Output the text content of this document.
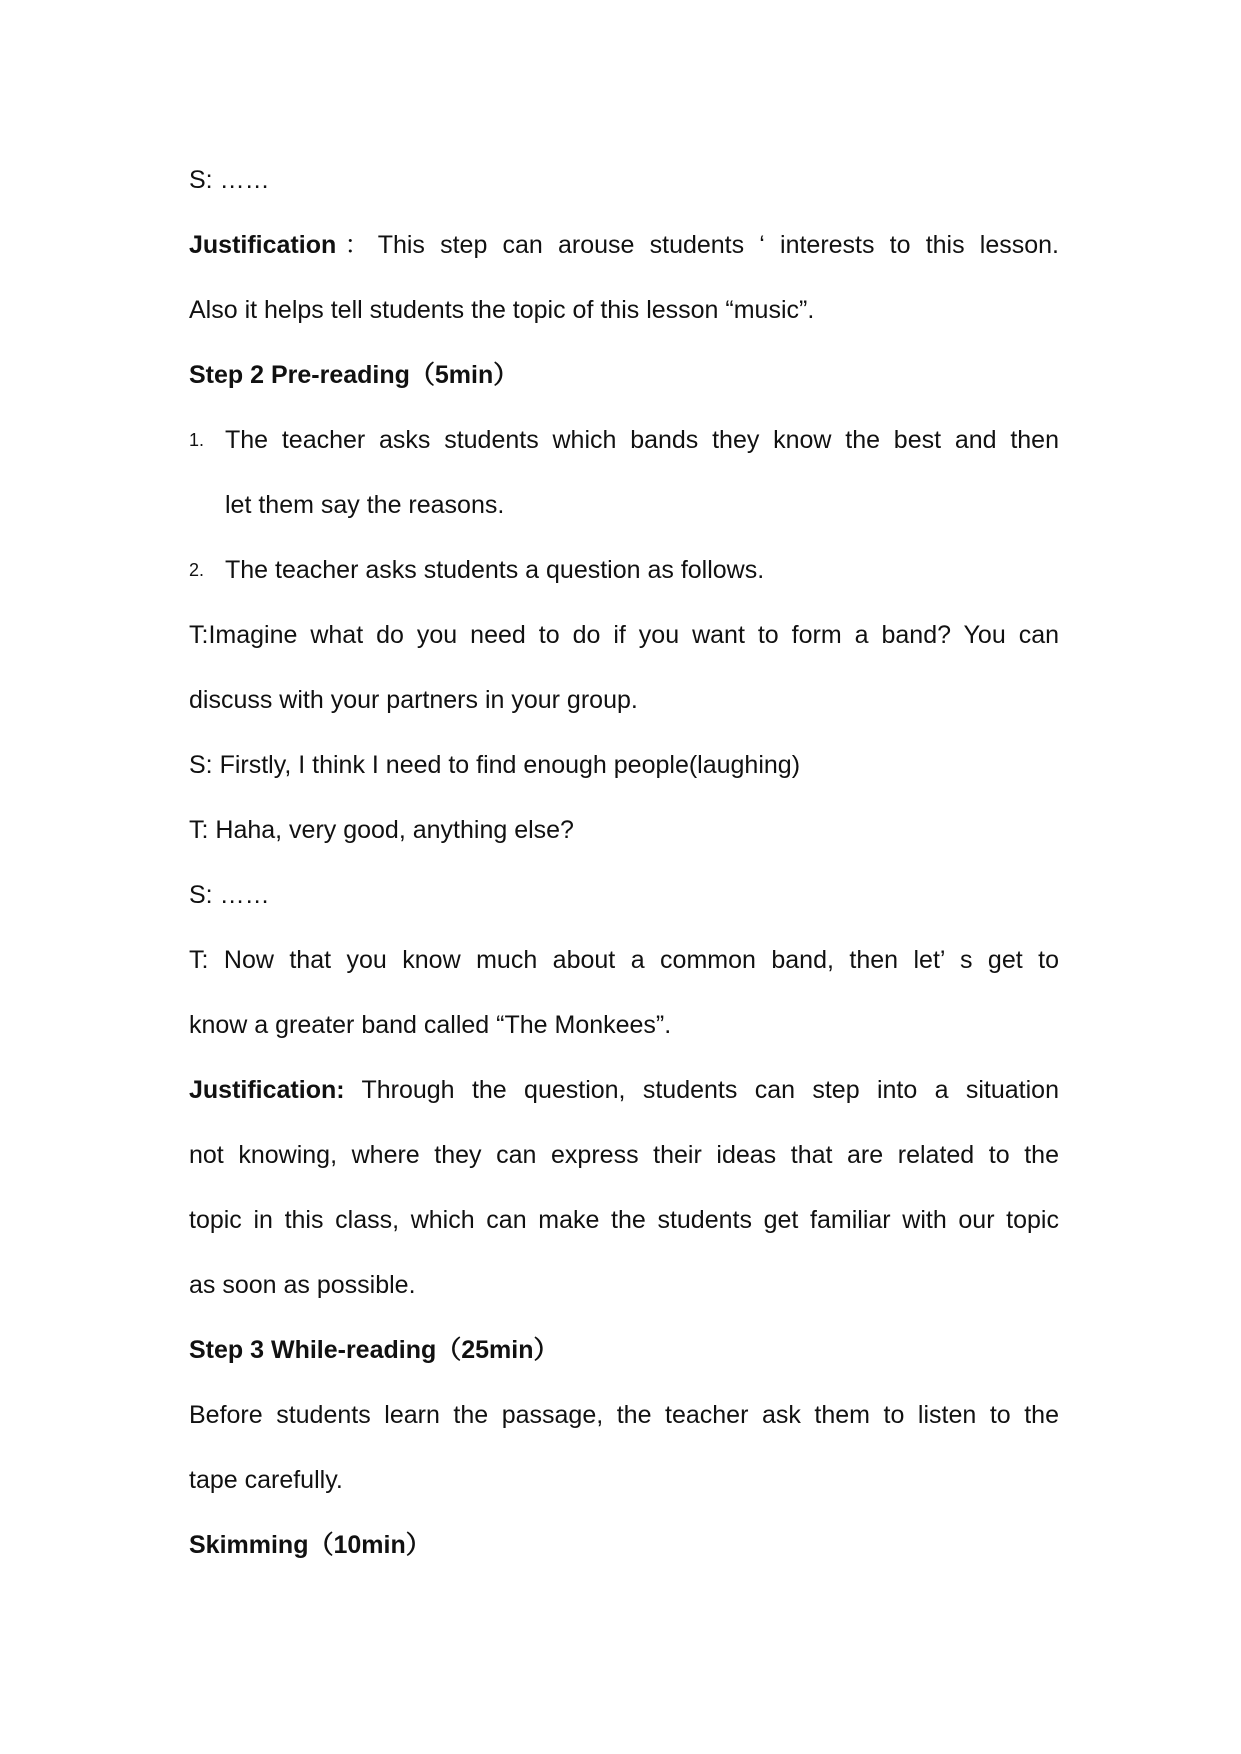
S: ……
Justification：This step can arouse students ‘ interests to this lesson.
Also it helps tell students the topic of this lesson “music”.
Step 2 Pre-reading（5min）
1. The teacher asks students which bands they know the best and then
let them say the reasons.
2. The teacher asks students a question as follows.
T:Imagine what do you need to do if you want to form a band? You can
discuss with your partners in your group.
S: Firstly, I think I need to find enough people(laughing)
T: Haha, very good, anything else?
S: ……
T: Now that you know much about a common band, then let’ s get to
know a greater band called “The Monkees”.
Justification: Through the question, students can step into a situation
not knowing, where they can express their ideas that are related to the
topic in this class, which can make the students get familiar with our topic
as soon as possible.
Step 3 While-reading（25min）
Before students learn the passage, the teacher ask them to listen to the
tape carefully.
Skimming（10min）
